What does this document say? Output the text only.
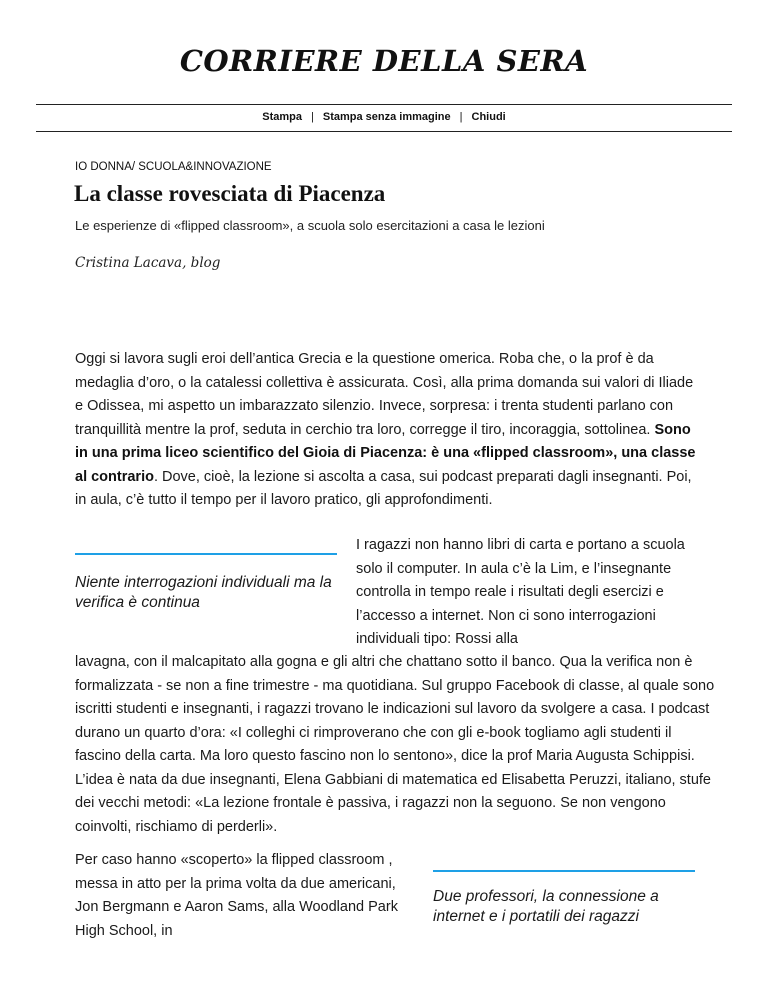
CORRIERE DELLA SERA
Stampa | Stampa senza immagine | Chiudi
IO DONNA/ SCUOLA&INNOVAZIONE
La classe rovesciata di Piacenza
Le esperienze di «flipped classroom», a scuola solo esercitazioni a casa le lezioni
Cristina Lacava, blog

Oggi si lavora sugli eroi dell’antica Grecia e la questione omerica. Roba che, o la prof è da medaglia d’oro, o la catalessi collettiva è assicurata. Così, alla prima domanda sui valori di Iliade e Odissea, mi aspetto un imbarazzato silenzio. Invece, sorpresa: i trenta studenti parlano con tranquillità mentre la prof, seduta in cerchio tra loro, corregge il tiro, incoraggia, sottolinea. Sono in una prima liceo scientifico del Gioia di Piacenza: è una «flipped classroom», una classe al contrario. Dove, cioè, la lezione si ascolta a casa, sui podcast preparati dagli insegnanti. Poi, in aula, c’è tutto il tempo per il lavoro pratico, gli approfondimenti.

Niente interrogazioni individuali ma la verifica è continua

I ragazzi non hanno libri di carta e portano a scuola solo il computer. In aula c’è la Lim, e l’insegnante controlla in tempo reale i risultati degli esercizi e l’accesso a internet. Non ci sono interrogazioni individuali tipo: Rossi alla

lavagna, con il malcapitato alla gogna e gli altri che chattano sotto il banco. Qua la verifica non è formalizzata - se non a fine trimestre - ma quotidiana. Sul gruppo Facebook di classe, al quale sono iscritti studenti e insegnanti, i ragazzi trovano le indicazioni sul lavoro da svolgere a casa. I podcast durano un quarto d’ora: «I colleghi ci rimproverano che con gli e-book togliamo agli studenti il fascino della carta. Ma loro questo fascino non lo sentono», dice la prof Maria Augusta Schippisi. L’idea è nata da due insegnanti, Elena Gabbiani di matematica ed Elisabetta Peruzzi, italiano, stufe dei vecchi metodi: «La lezione frontale è passiva, i ragazzi non la seguono. Se non vengono coinvolti, rischiamo di perderli».

Per caso hanno «scoperto» la flipped classroom , messa in atto per la prima volta da due americani, Jon Bergmann e Aaron Sams, alla Woodland Park High School, in

Due professori, la connessione a internet e i portatili dei ragazzi
